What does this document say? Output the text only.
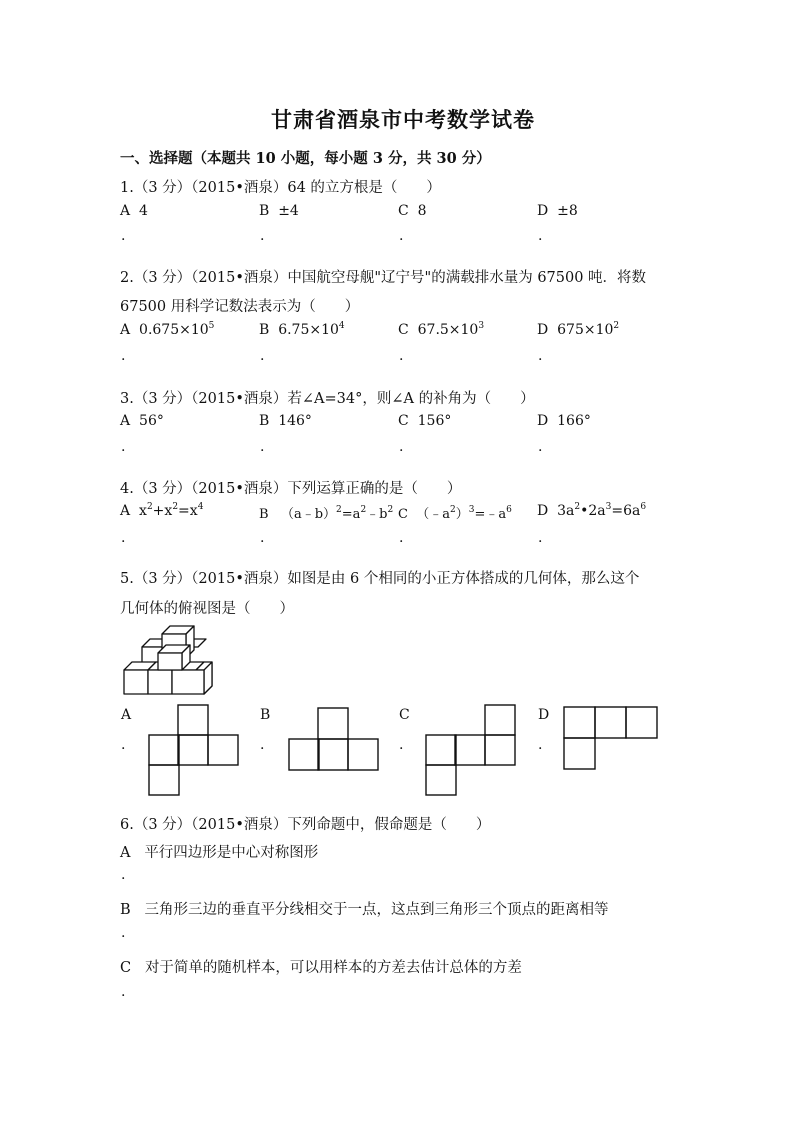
甘肃省酒泉市中考数学试卷
一、选择题（本题共 10 小题，每小题 3 分，共 30 分）
1.（3 分）（2015•酒泉）64 的立方根是（　　）
A 4	B ±4	C 8	D ±8
.	.	.	.
2.（3 分）（2015•酒泉）中国航空母舰"辽宁号"的满载排水量为 67500 吨．将数
67500 用科学记数法表示为（　　）
A $0.675\times 10^5$	B $6.75\times 10^4$	C $67.5\times 10^3$	D $675\times 10^2$
.	.	.	.
3.（3 分）（2015•酒泉）若∠A=34°，则∠A 的补角为（　　）
A 56°	B 146°	C 156°	D 166°
.	.	.	.
4.（3 分）（2015•酒泉）下列运算正确的是（　　）
A $x^2+x^2=x^4$	B $(a﹣b)^2=a^2﹣b^2$ C $(﹣a^2)^3=﹣a^6$ D $3a^2•2a^3=6a^6$
.	.	.	.
5.（3 分）（2015•酒泉）如图是由 6 个相同的小正方体搭成的几何体，那么这个
几何体的俯视图是（　　）
A	B	C	D
.	.	.	.
6.（3 分）（2015•酒泉）下列命题中，假命题是（　　）
A 平行四边形是中心对称图形
.
B 三角形三边的垂直平分线相交于一点，这点到三角形三个顶点的距离相等
.
C 对于简单的随机样本，可以用样本的方差去估计总体的方差
.
